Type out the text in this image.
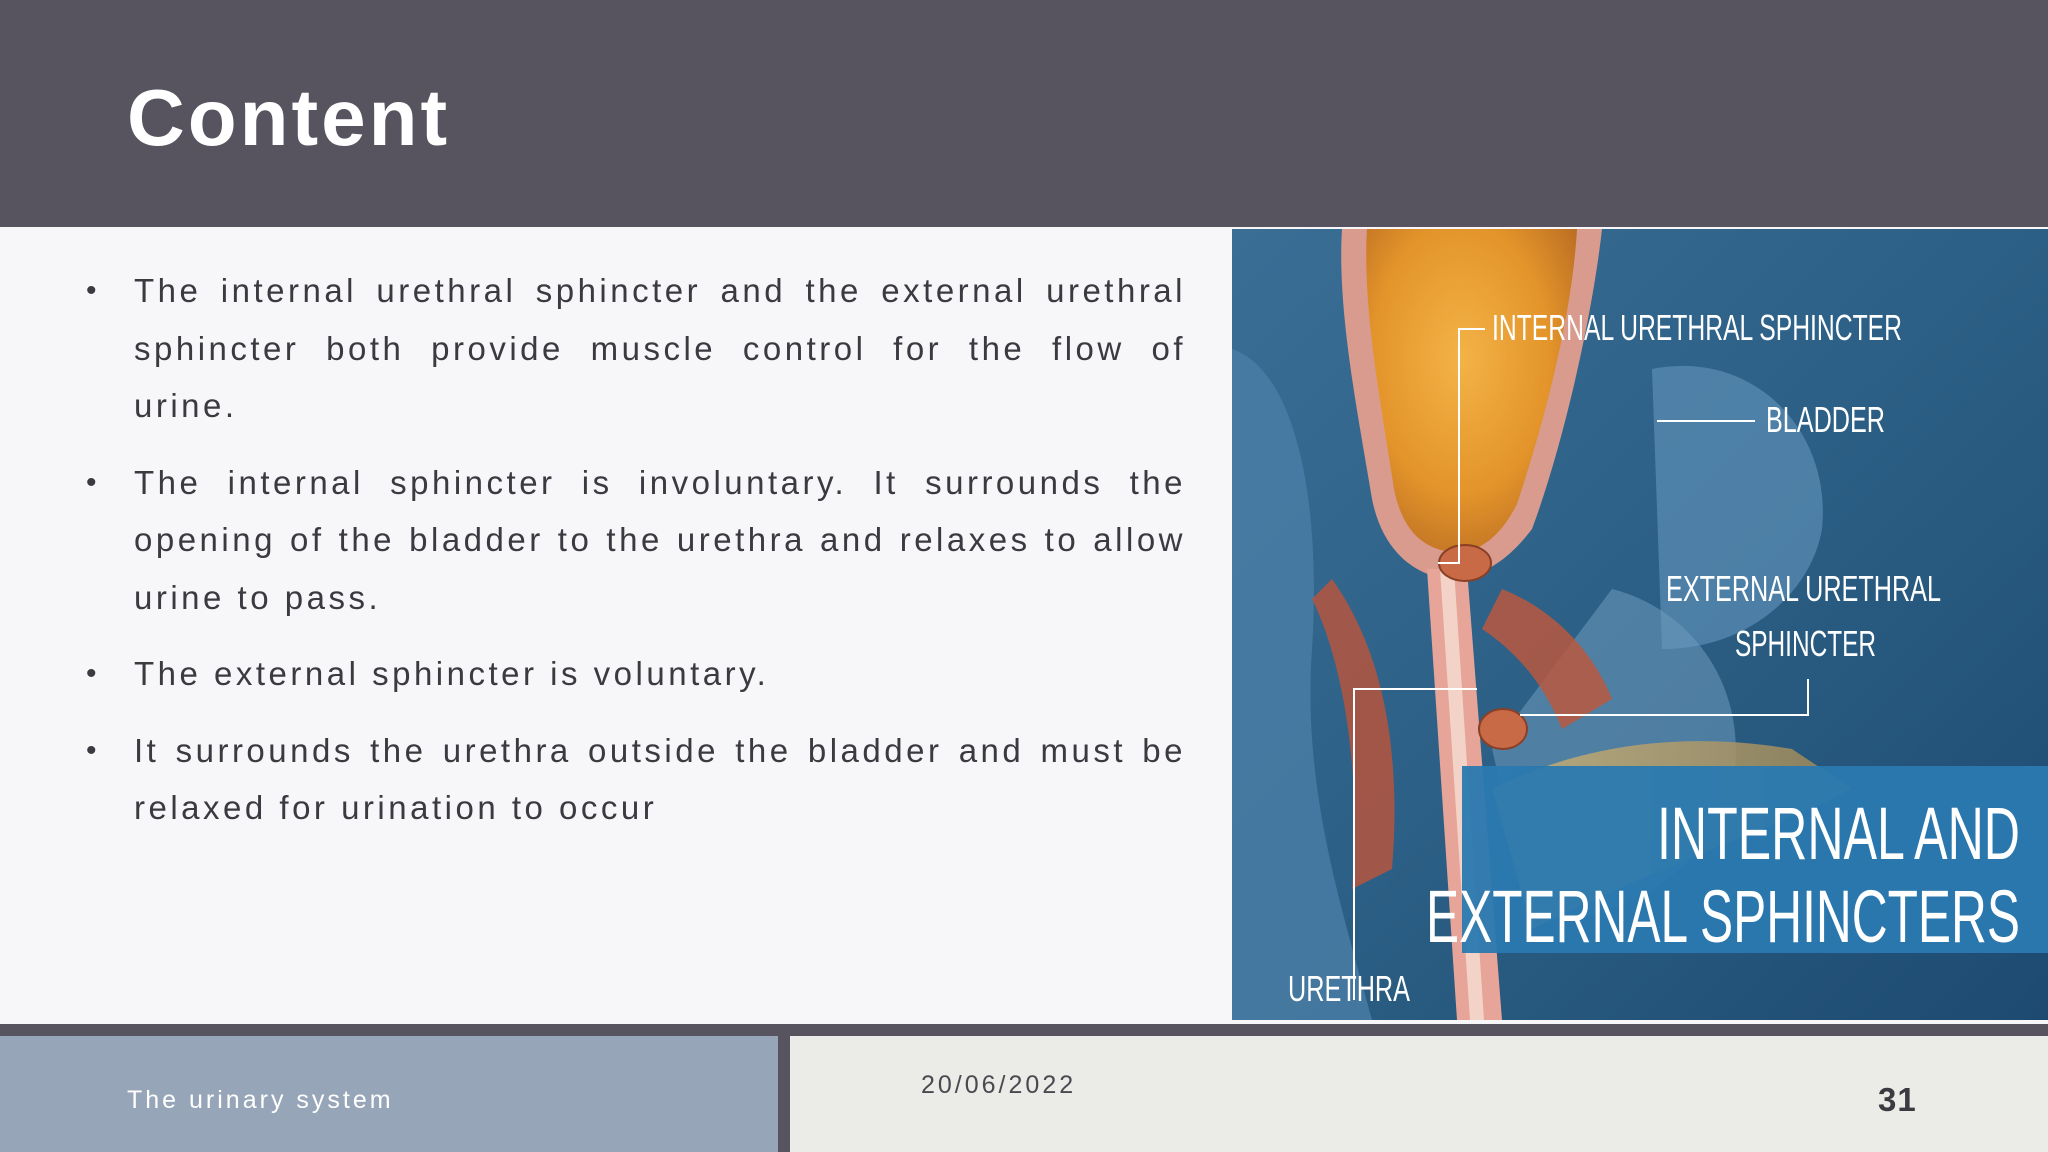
Content
• The internal urethral sphincter and the external urethral sphincter both provide muscle control for the flow of urine.
• The internal sphincter is involuntary. It surrounds the opening of the bladder to the urethra and relaxes to allow urine to pass.
• The external sphincter is voluntary.
• It surrounds the urethra outside the bladder and must be relaxed for urination to occur
INTERNAL URETHRAL SPHINCTER
BLADDER
EXTERNAL URETHRAL
SPHINCTER
URETHRA
INTERNAL AND
EXTERNAL SPHINCTERS
The urinary system
20/06/2022	31
